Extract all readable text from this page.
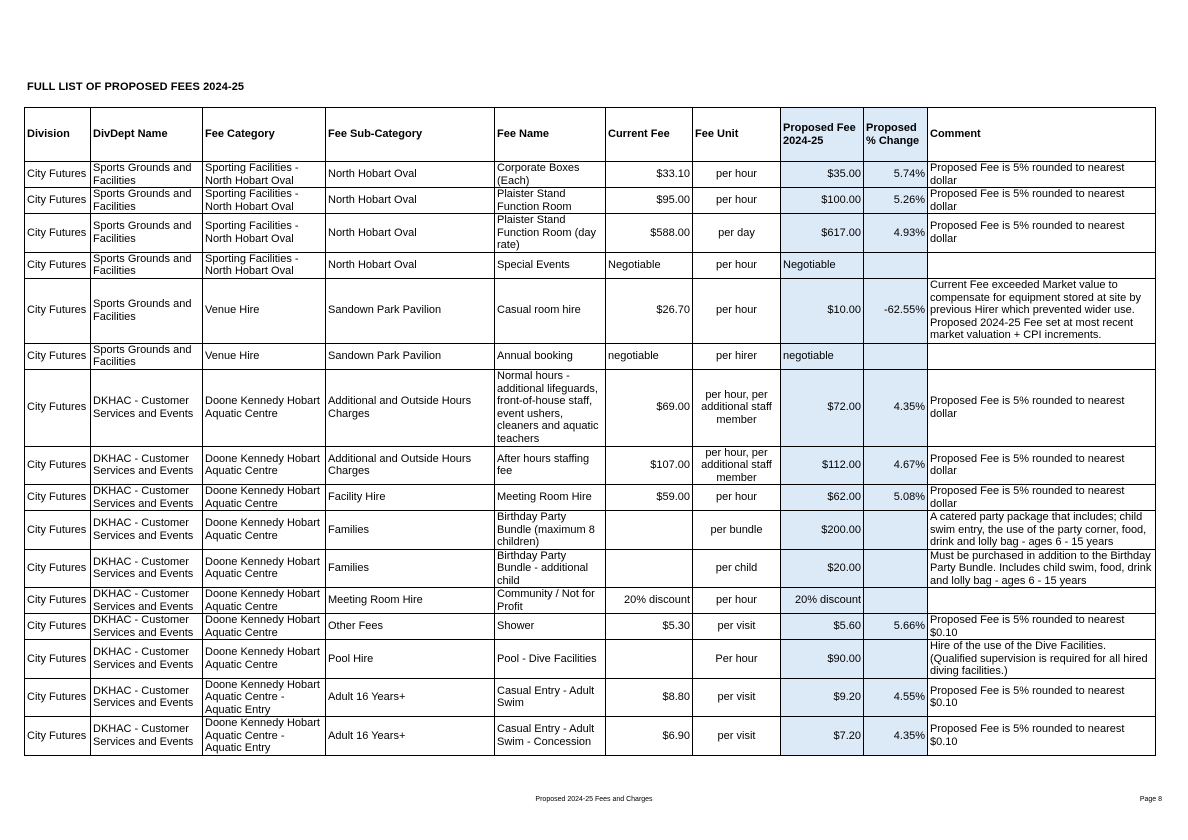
FULL LIST OF PROPOSED FEES 2024-25
Division	DivDept Name	Fee Category	Fee Sub-Category	Fee Name	Current Fee	Fee Unit	Proposed Fee 2024-25	Proposed % Change	Comment
City Futures	Sports Grounds and Facilities	Sporting Facilities - North Hobart Oval	North Hobart Oval	Corporate Boxes (Each)	$33.10	per hour	$35.00	5.74%	Proposed Fee is 5% rounded to nearest dollar
City Futures	Sports Grounds and Facilities	Sporting Facilities - North Hobart Oval	North Hobart Oval	Plaister Stand Function Room	$95.00	per hour	$100.00	5.26%	Proposed Fee is 5% rounded to nearest dollar
City Futures	Sports Grounds and Facilities	Sporting Facilities - North Hobart Oval	North Hobart Oval	Plaister Stand Function Room (day rate)	$588.00	per day	$617.00	4.93%	Proposed Fee is 5% rounded to nearest dollar
City Futures	Sports Grounds and Facilities	Sporting Facilities - North Hobart Oval	North Hobart Oval	Special Events	Negotiable	per hour	Negotiable		
City Futures	Sports Grounds and Facilities	Venue Hire	Sandown Park Pavilion	Casual room hire	$26.70	per hour	$10.00	-62.55%	Current Fee exceeded Market value to compensate for equipment stored at site by previous Hirer which prevented wider use. Proposed 2024-25 Fee set at most recent market valuation + CPI increments.
City Futures	Sports Grounds and Facilities	Venue Hire	Sandown Park Pavilion	Annual booking	negotiable	per hirer	negotiable		
City Futures	DKHAC - Customer Services and Events	Doone Kennedy Hobart Aquatic Centre	Additional and Outside Hours Charges	Normal hours - additional lifeguards, front-of-house staff, event ushers, cleaners and aquatic teachers	$69.00	per hour, per additional staff member	$72.00	4.35%	Proposed Fee is 5% rounded to nearest dollar
City Futures	DKHAC - Customer Services and Events	Doone Kennedy Hobart Aquatic Centre	Additional and Outside Hours Charges	After hours staffing fee	$107.00	per hour, per additional staff member	$112.00	4.67%	Proposed Fee is 5% rounded to nearest dollar
City Futures	DKHAC - Customer Services and Events	Doone Kennedy Hobart Aquatic Centre	Facility Hire	Meeting Room Hire	$59.00	per hour	$62.00	5.08%	Proposed Fee is 5% rounded to nearest dollar
City Futures	DKHAC - Customer Services and Events	Doone Kennedy Hobart Aquatic Centre	Families	Birthday Party Bundle (maximum 8 children)		per bundle	$200.00		A catered party package that includes; child swim entry, the use of the party corner, food, drink and lolly bag - ages 6 - 15 years
City Futures	DKHAC - Customer Services and Events	Doone Kennedy Hobart Aquatic Centre	Families	Birthday Party Bundle - additional child		per child	$20.00		Must be purchased in addition to the Birthday Party Bundle. Includes child swim, food, drink and lolly bag - ages 6 - 15 years
City Futures	DKHAC - Customer Services and Events	Doone Kennedy Hobart Aquatic Centre	Meeting Room Hire	Community / Not for Profit	20% discount	per hour	20% discount		
City Futures	DKHAC - Customer Services and Events	Doone Kennedy Hobart Aquatic Centre	Other Fees	Shower	$5.30	per visit	$5.60	5.66%	Proposed Fee is 5% rounded to nearest $0.10
City Futures	DKHAC - Customer Services and Events	Doone Kennedy Hobart Aquatic Centre	Pool Hire	Pool - Dive Facilities		Per hour	$90.00		Hire of the use of the Dive Facilities. (Qualified supervision is required for all hired diving facilities.)
City Futures	DKHAC - Customer Services and Events	Doone Kennedy Hobart Aquatic Centre - Aquatic Entry	Adult 16 Years+	Casual Entry - Adult Swim	$8.80	per visit	$9.20	4.55%	Proposed Fee is 5% rounded to nearest $0.10
City Futures	DKHAC - Customer Services and Events	Doone Kennedy Hobart Aquatic Centre - Aquatic Entry	Adult 16 Years+	Casual Entry - Adult Swim - Concession	$6.90	per visit	$7.20	4.35%	Proposed Fee is 5% rounded to nearest $0.10
Proposed 2024-25 Fees and Charges	Page 8
